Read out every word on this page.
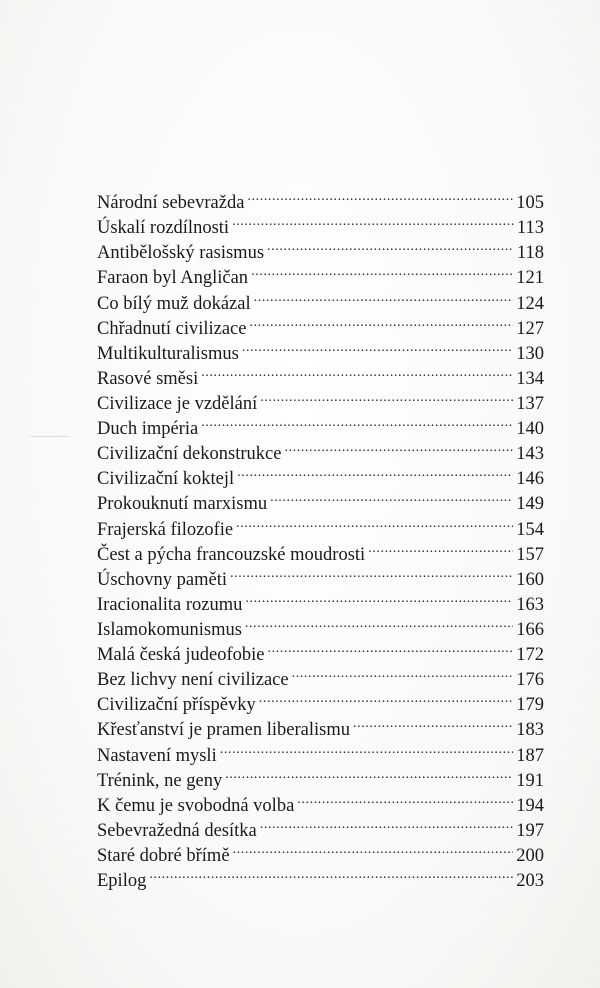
Národní sebevražda .....	105
Úskalí rozdílnosti .....	113
Antibělošský rasismus .....	118
Faraon byl Angličan .....	121
Co bílý muž dokázal .....	124
Chřadnutí civilizace .....	127
Multikulturalismus .....	130
Rasové směsi .....	134
Civilizace je vzdělání .....	137
Duch impéria .....	140
Civilizační dekonstrukce .....	143
Civilizační koktejl .....	146
Prokouknutí marxismu .....	149
Frajerská filozofie .....	154
Čest a pýcha francouzské moudrosti .....	157
Úschovny paměti .....	160
Iracionalita rozumu .....	163
Islamokomunismus .....	166
Malá česká judeofobie .....	172
Bez lichvy není civilizace .....	176
Civilizační příspěvky .....	179
Křesťanství je pramen liberalismu .....	183
Nastavení mysli .....	187
Trénink, ne geny .....	191
K čemu je svobodná volba .....	194
Sebevražedná desítka .....	197
Staré dobré břímě .....	200
Epilog .....	203
